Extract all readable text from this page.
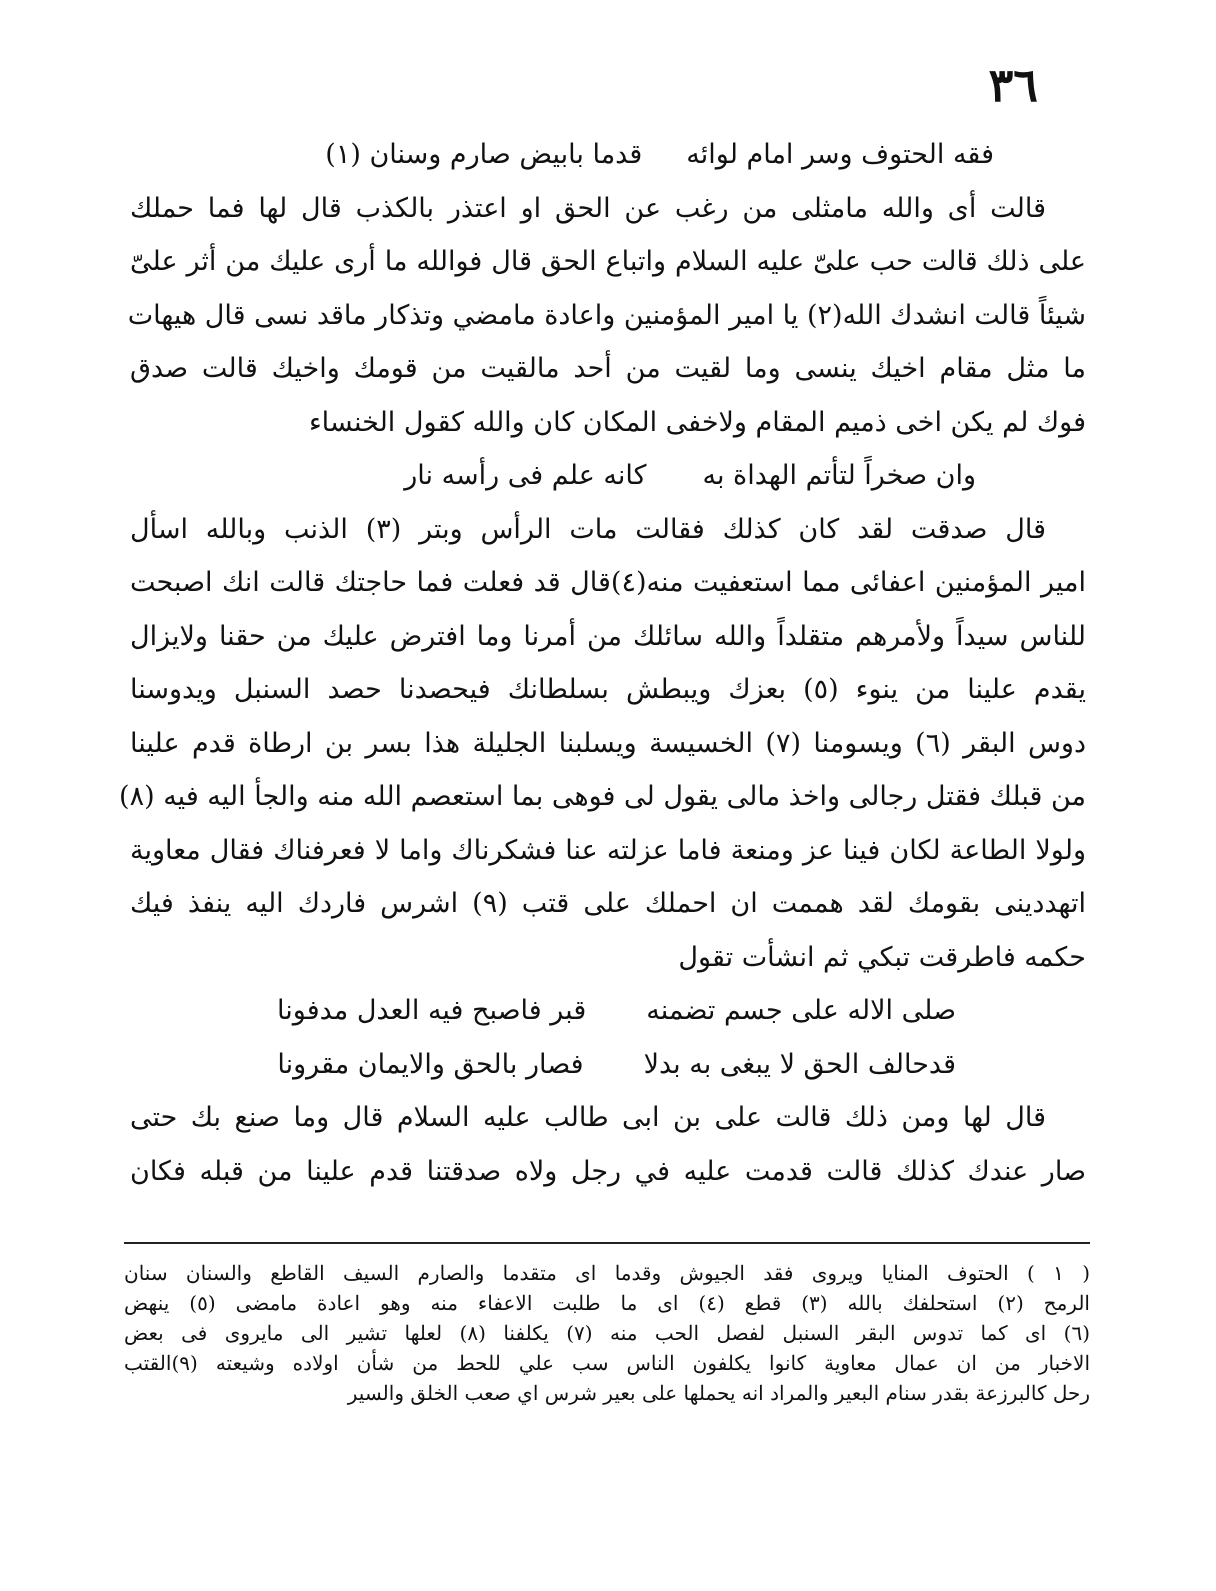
٣٦
فقه الحتوف وسر امام لوائه
قدما بابيض صارم وسنان (١)
قالت أى والله مامثلى من رغب عن الحق او اعتذر بالكذب قال لها فما حملك
على ذلك قالت حب علىّ عليه السلام واتباع الحق قال فوالله ما أرى عليك من أثر علىّ
شيئاً قالت انشدك الله(٢) يا امير المؤمنين واعادة مامضي وتذكار ماقد نسى قال هيهات
ما مثل مقام اخيك ينسى وما لقيت من أحد مالقيت من قومك واخيك قالت صدق
فوك لم يكن اخى ذميم المقام ولاخفى المكان كان والله كقول الخنساء
وان صخراً لتأتم الهداة به
كانه علم فى رأسه نار
قال صدقت لقد كان كذلك فقالت مات الرأس وبتر (٣) الذنب وبالله اسأل
امير المؤمنين اعفائى مما استعفيت منه(٤)قال قد فعلت فما حاجتك قالت انك اصبحت
للناس سيداً ولأمرهم متقلداً والله سائلك من أمرنا وما افترض عليك من حقنا ولايزال
يقدم علينا من ينوء (٥) بعزك ويبطش بسلطانك فيحصدنا حصد السنبل ويدوسنا
دوس البقر (٦) ويسومنا (٧) الخسيسة ويسلبنا الجليلة هذا بسر بن ارطاة قدم علينا
من قبلك فقتل رجالى واخذ مالى يقول لى فوهى بما استعصم الله منه والجأ اليه فيه (٨)
ولولا الطاعة لكان فينا عز ومنعة فاما عزلته عنا فشكرناك واما لا فعرفناك فقال معاوية
اتهددينى بقومك لقد هممت ان احملك على قتب (٩) اشرس فاردك اليه ينفذ فيك
حكمه فاطرقت تبكي ثم انشأت تقول
صلى الاله على جسم تضمنه
قبر فاصبح فيه العدل مدفونا
قدحالف الحق لا يبغى به بدلا
فصار بالحق والايمان مقرونا
قال لها ومن ذلك قالت على بن ابى طالب عليه السلام قال وما صنع بك حتى
صار عندك كذلك قالت قدمت عليه في رجل ولاه صدقتنا قدم علينا من قبله فكان
( ١ ) الحتوف المنايا ويروى فقد الجيوش وقدما اى متقدما والصارم السيف القاطع والسنان سنان
الرمح (٢) استحلفك بالله (٣) قطع (٤) اى ما طلبت الاعفاء منه وهو اعادة مامضى (٥) ينهض
(٦) اى كما تدوس البقر السنبل لفصل الحب منه (٧) يكلفنا (٨) لعلها تشير الى مايروى فى بعض
الاخبار من ان عمال معاوية كانوا يكلفون الناس سب علي للحط من شأن اولاده وشيعته (٩)القتب
رحل كالبرزعة بقدر سنام البعير والمراد انه يحملها على بعير شرس اي صعب الخلق والسير
